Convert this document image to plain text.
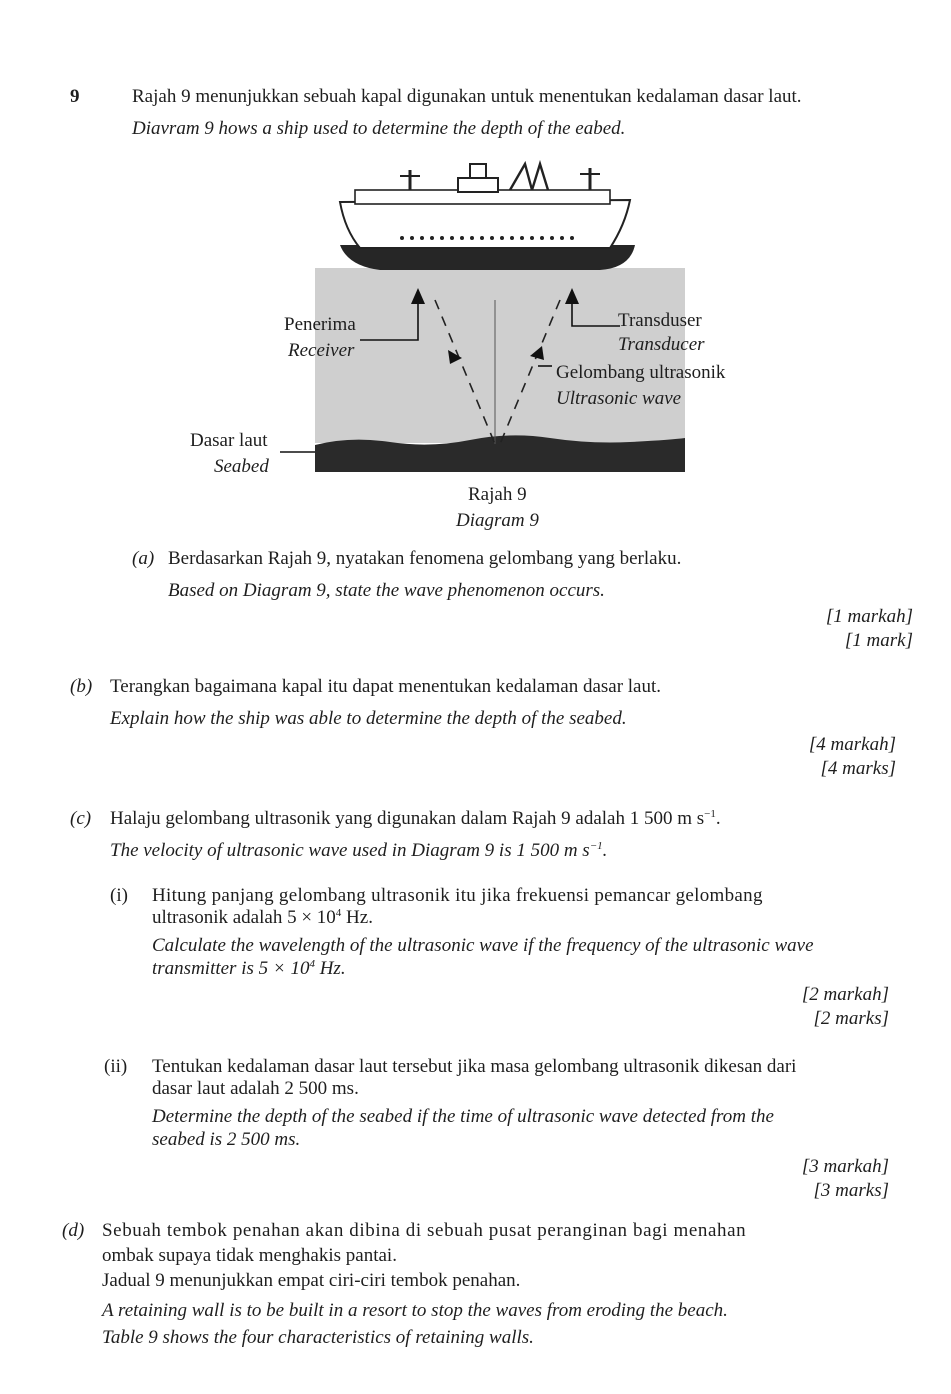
9	Rajah 9 menunjukkan sebuah kapal digunakan untuk menentukan kedalaman dasar laut.
Diavram 9 hows a ship used to determine the depth of the eabed.
Penerima
Receiver
Transduser
Transducer
Gelombang ultrasonik
Ultrasonic wave
Dasar laut
Seabed
Rajah 9
Diagram 9
(a) Berdasarkan Rajah 9, nyatakan fenomena gelombang yang berlaku.
Based on Diagram 9, state the wave phenomenon occurs.
[1 markah]
[1 mark]
(b) Terangkan bagaimana kapal itu dapat menentukan kedalaman dasar laut.
Explain how the ship was able to determine the depth of the seabed.
[4 markah]
[4 marks]
(c) Halaju gelombang ultrasonik yang digunakan dalam Rajah 9 adalah 1 500 m $s^{-1}$.
The velocity of ultrasonic wave used in Diagram 9 is 1 500 m $s^{-1}$.
(i) Hitung panjang gelombang ultrasonik itu jika frekuensi pemancar gelombang
ultrasonik adalah $5 \times 10^4$ Hz.
Calculate the wavelength of the ultrasonic wave if the frequency of the ultrasonic wave
transmitter is $5 \times 10^4$ Hz.
[2 markah]
[2 marks]
(ii) Tentukan kedalaman dasar laut tersebut jika masa gelombang ultrasonik dikesan dari
dasar laut adalah 2 500 ms.
Determine the depth of the seabed if the time of ultrasonic wave detected from the
seabed is 2 500 ms.
[3 markah]
[3 marks]
(d) Sebuah tembok penahan akan dibina di sebuah pusat peranginan bagi menahan
ombak supaya tidak menghakis pantai.
Jadual 9 menunjukkan empat ciri-ciri tembok penahan.
A retaining wall is to be built in a resort to stop the waves from eroding the beach.
Table 9 shows the four characteristics of retaining walls.
